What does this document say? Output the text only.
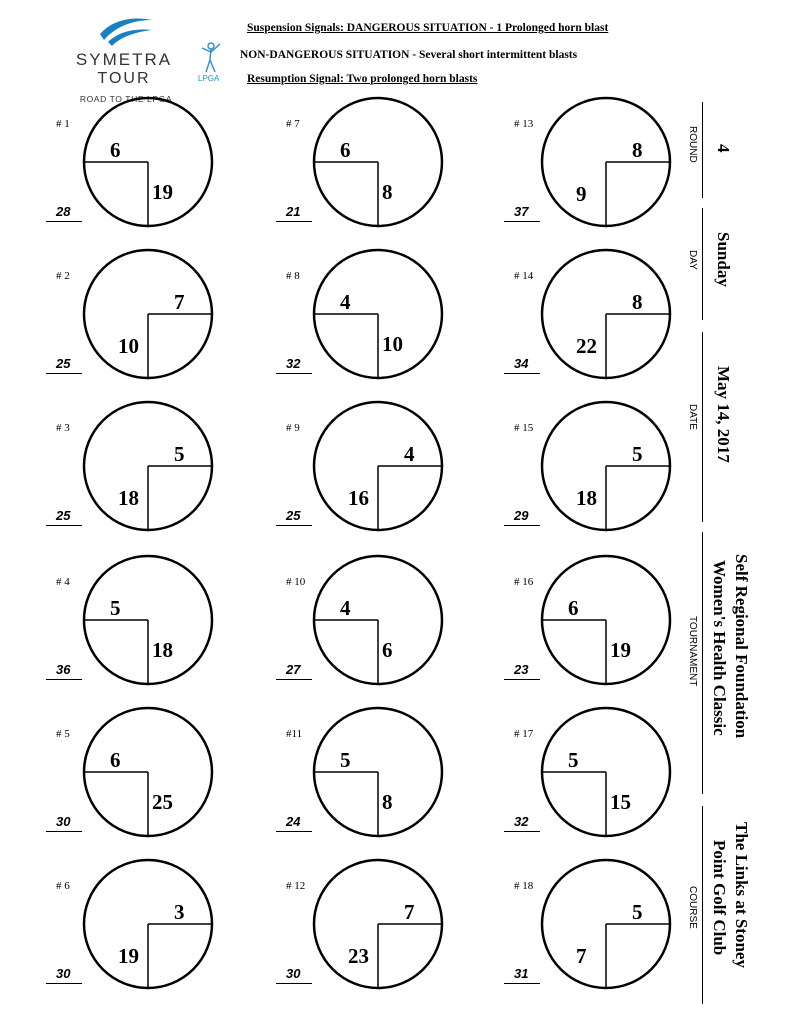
SYMETRA
TOUR
ROAD TO THE LPGA
LPGA
Suspension Signals: DANGEROUS SITUATION - 1 Prolonged horn blast
NON-DANGEROUS SITUATION - Several short intermittent blasts
Resumption Signal: Two prolonged horn blasts
# 1
6
19
28
# 2
7
10
25
# 3
5
18
25
# 4
5
18
36
# 5
6
25
30
# 6
3
19
30
# 7
6
8
21
# 8
4
10
32
# 9
4
16
25
# 10
4
6
27
#11
5
8
24
# 12
7
23
30
# 13
8
9
37
# 14
8
22
34
# 15
5
18
29
# 16
6
19
23
# 17
5
15
32
# 18
5
7
31
ROUND 4
DAY Sunday
DATE May 14, 2017
TOURNAMENT Self Regional Foundation
Women's Health Classic
COURSE The Links at Stoney
Point Golf Club
